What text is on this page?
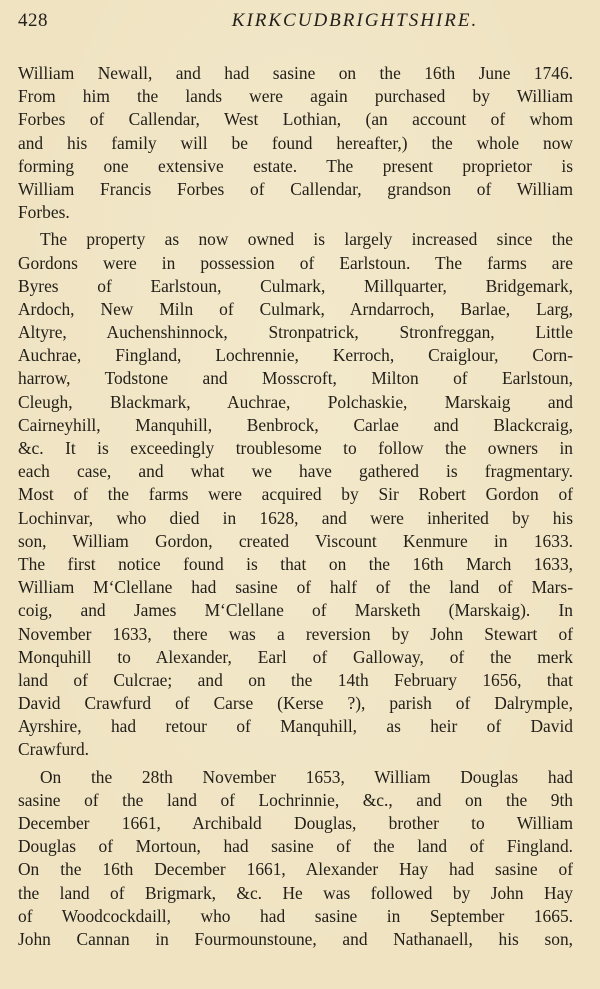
428	KIRKCUDBRIGHTSHIRE.
William Newall, and had sasine on the 16th June 1746.
From him the lands were again purchased by William
Forbes of Callendar, West Lothian, (an account of whom
and his family will be found hereafter,) the whole now
forming one extensive estate. The present proprietor is
William Francis Forbes of Callendar, grandson of William
Forbes.
The property as now owned is largely increased since the
Gordons were in possession of Earlstoun. The farms are
Byres of Earlstoun, Culmark, Millquarter, Bridgemark,
Ardoch, New Miln of Culmark, Arndarroch, Barlae, Larg,
Altyre, Auchenshinnock, Stronpatrick, Stronfreggan, Little
Auchrae, Fingland, Lochrennie, Kerroch, Craiglour, Corn-
harrow, Todstone and Mosscroft, Milton of Earlstoun,
Cleugh, Blackmark, Auchrae, Polchaskie, Marskaig and
Cairneyhill, Manquhill, Benbrock, Carlae and Blackcraig,
&c. It is exceedingly troublesome to follow the owners in
each case, and what we have gathered is fragmentary.
Most of the farms were acquired by Sir Robert Gordon of
Lochinvar, who died in 1628, and were inherited by his
son, William Gordon, created Viscount Kenmure in 1633.
The first notice found is that on the 16th March 1633,
William M‘Clellane had sasine of half of the land of Mars-
coig, and James M‘Clellane of Marsketh (Marskaig). In
November 1633, there was a reversion by John Stewart of
Monquhill to Alexander, Earl of Galloway, of the merk
land of Culcrae; and on the 14th February 1656, that
David Crawfurd of Carse (Kerse ?), parish of Dalrymple,
Ayrshire, had retour of Manquhill, as heir of David
Crawfurd.
On the 28th November 1653, William Douglas had
sasine of the land of Lochrinnie, &c., and on the 9th
December 1661, Archibald Douglas, brother to William
Douglas of Mortoun, had sasine of the land of Fingland.
On the 16th December 1661, Alexander Hay had sasine of
the land of Brigmark, &c. He was followed by John Hay
of Woodcockdaill, who had sasine in September 1665.
John Cannan in Fourmounstoune, and Nathanaell, his son,
